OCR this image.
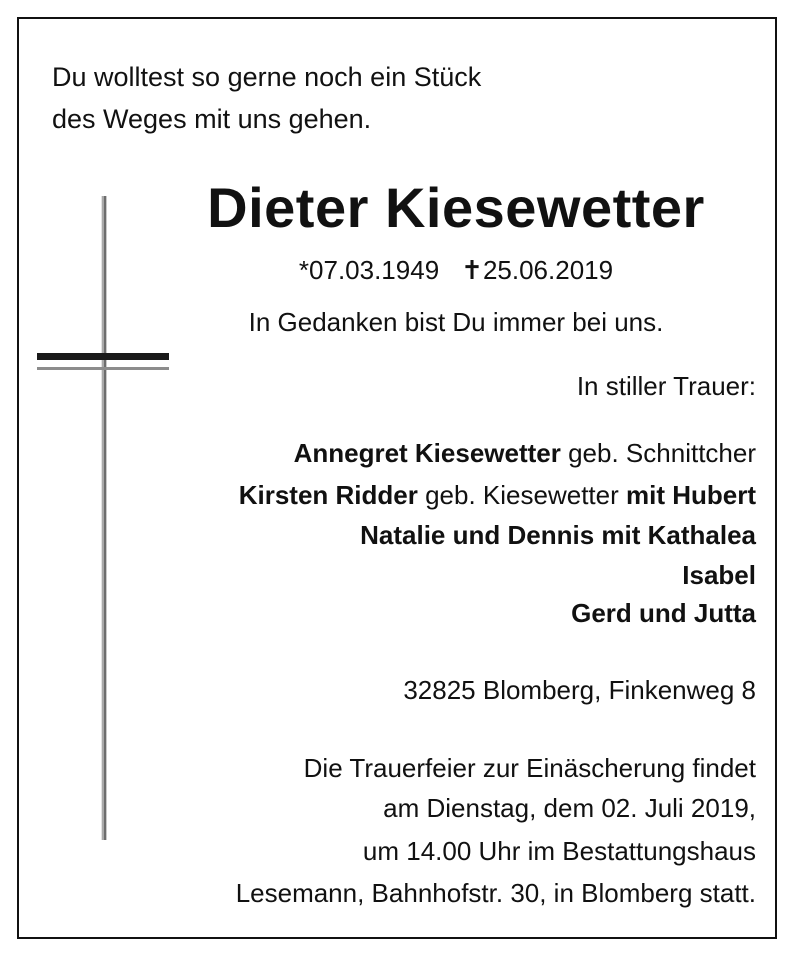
Du wolltest so gerne noch ein Stück

des Weges mit uns gehen.

Dieter Kiesewetter

*07.03.1949 ✝25.06.2019

In Gedanken bist Du immer bei uns.

In stiller Trauer:

Annegret Kiesewetter geb. Schnittcher

Kirsten Ridder geb. Kiesewetter mit Hubert

Natalie und Dennis mit Kathalea

Isabel

Gerd und Jutta

32825 Blomberg, Finkenweg 8

Die Trauerfeier zur Einäscherung findet

am Dienstag, dem 02. Juli 2019,

um 14.00 Uhr im Bestattungshaus

Lesemann, Bahnhofstr. 30, in Blomberg statt.
